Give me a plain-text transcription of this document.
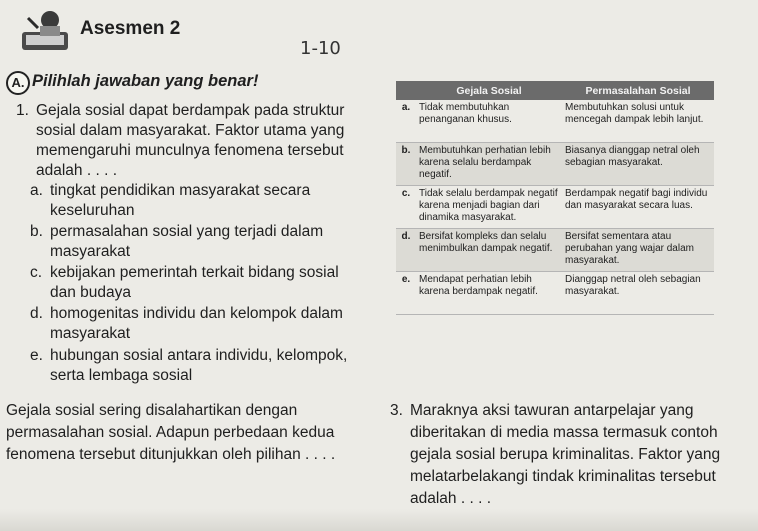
Asesmen 2
1-10
A. Pilihlah jawaban yang benar!
1. Gejala sosial dapat berdampak pada struktur sosial dalam masyarakat. Faktor utama yang memengaruhi munculnya fenomena tersebut adalah . . . .
a. tingkat pendidikan masyarakat secara keseluruhan
b. permasalahan sosial yang terjadi dalam masyarakat
c. kebijakan pemerintah terkait bidang sosial dan budaya
d. homogenitas individu dan kelompok dalam masyarakat
e. hubungan sosial antara individu, kelompok, serta lembaga sosial
	Gejala Sosial	Permasalahan Sosial
a.	Tidak membutuhkan penanganan khusus.	Membutuhkan solusi untuk mencegah dampak lebih lanjut.
b.	Membutuhkan perhatian lebih karena selalu berdampak negatif.	Biasanya dianggap netral oleh sebagian masyarakat.
c.	Tidak selalu berdampak negatif karena menjadi bagian dari dinamika masyarakat.	Berdampak negatif bagi individu dan masyarakat secara luas.
d.	Bersifat kompleks dan selalu menimbulkan dampak negatif.	Bersifat sementara atau perubahan yang wajar dalam masyarakat.
e.	Mendapat perhatian lebih karena berdampak negatif.	Dianggap netral oleh sebagian masyarakat.
Gejala sosial sering disalahartikan dengan permasalahan sosial. Adapun perbedaan kedua fenomena tersebut ditunjukkan oleh pilihan . . . .
3. Maraknya aksi tawuran antarpelajar yang diberitakan di media massa termasuk contoh gejala sosial berupa kriminalitas. Faktor yang melatarbelakangi tindak kriminalitas tersebut adalah . . . .
